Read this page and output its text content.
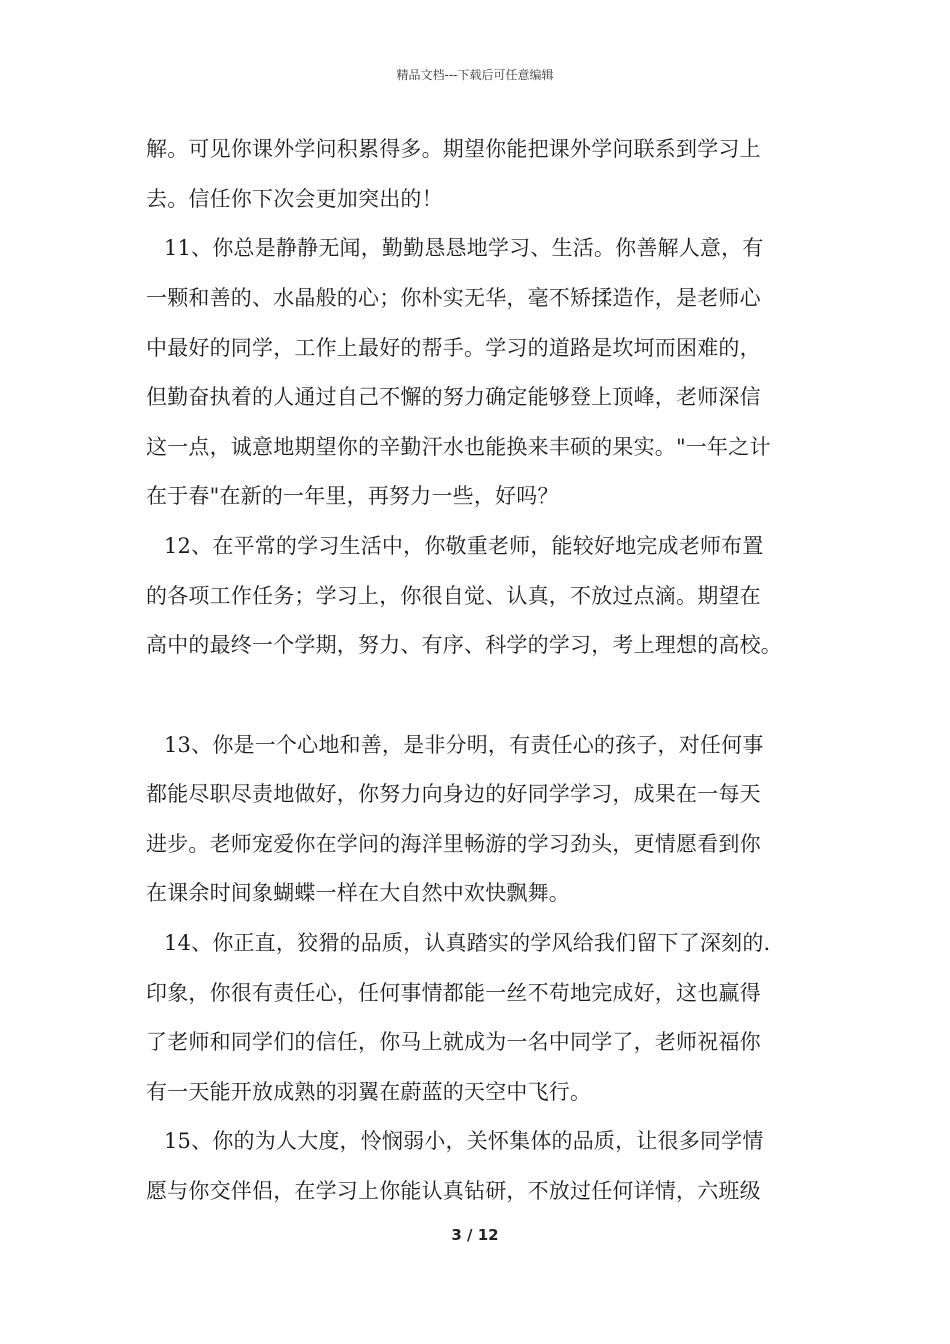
精品文档---下载后可任意编辑
解。可见你课外学问积累得多。期望你能把课外学问联系到学习上
去。信任你下次会更加突出的！
11、你总是静静无闻，勤勤恳恳地学习、生活。你善解人意，有
一颗和善的、水晶般的心；你朴实无华，毫不矫揉造作，是老师心
中最好的同学，工作上最好的帮手。学习的道路是坎坷而困难的，
但勤奋执着的人通过自己不懈的努力确定能够登上顶峰，老师深信
这一点，诚意地期望你的辛勤汗水也能换来丰硕的果实。"一年之计
在于春"在新的一年里，再努力一些，好吗？
12、在平常的学习生活中，你敬重老师，能较好地完成老师布置
的各项工作任务；学习上，你很自觉、认真，不放过点滴。期望在
高中的最终一个学期，努力、有序、科学的学习，考上理想的高校。
13、你是一个心地和善，是非分明，有责任心的孩子，对任何事
都能尽职尽责地做好，你努力向身边的好同学学习，成果在一每天
进步。老师宠爱你在学问的海洋里畅游的学习劲头，更情愿看到你
在课余时间象蝴蝶一样在大自然中欢快飘舞。
14、你正直，狡猾的品质，认真踏实的学风给我们留下了深刻的.
印象，你很有责任心，任何事情都能一丝不苟地完成好，这也赢得
了老师和同学们的信任，你马上就成为一名中同学了，老师祝福你
有一天能开放成熟的羽翼在蔚蓝的天空中飞行。
15、你的为人大度，怜悯弱小，关怀集体的品质，让很多同学情
愿与你交伴侣，在学习上你能认真钻研，不放过任何详情，六班级
3 / 12
